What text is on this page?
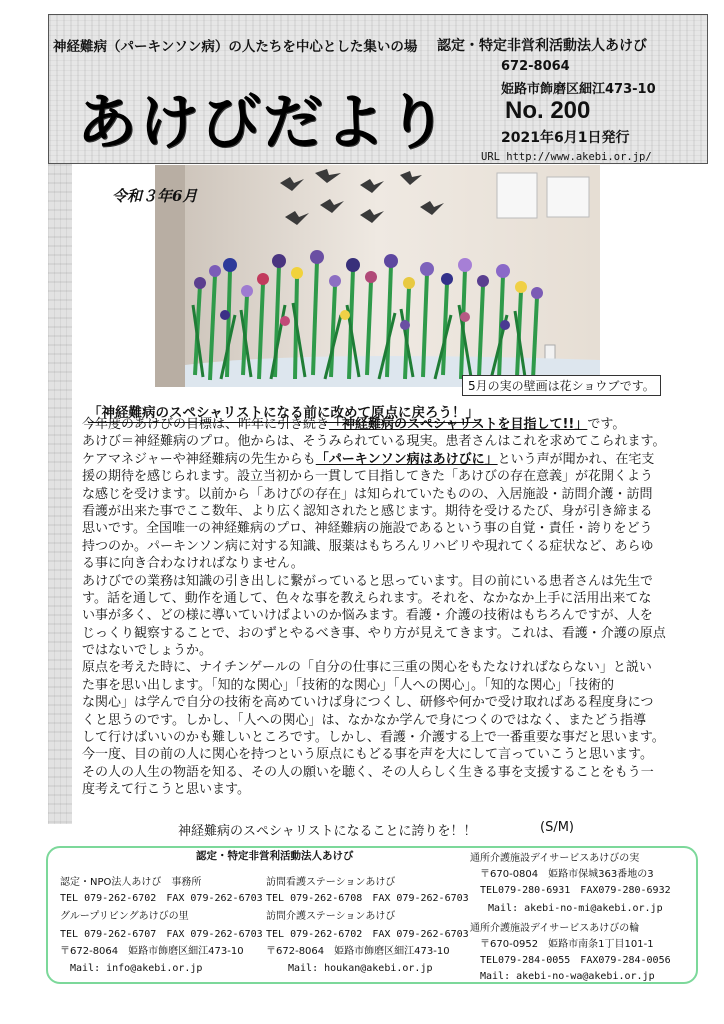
神経難病（パーキンソン病）の人たちを中心とした集いの場
あけびだより
認定・特定非営利活動法人あけび
672-8064
姫路市飾磨区細江473-10
No. 200
2021年6月1日発行
URL http://www.akebi.or.jp/
令和３年6月
5月の実の壁画は花ショウブです。
「神経難病のスペシャリストになる前に改めて原点に戻ろう！」
今年度のあけびの目標は、昨年に引き続き「神経難病のスペシャリストを目指して!!」です。
あけび＝神経難病のプロ。他からは、そうみられている現実。患者さんはこれを求めてこられます。
ケアマネジャーや神経難病の先生からも「パーキンソン病はあけびに」という声が聞かれ、在宅支
援の期待を感じられます。設立当初から一貫して目指してきた「あけびの存在意義」が花開くよう
な感じを受けます。以前から「あけびの存在」は知られていたものの、入居施設・訪問介護・訪問
看護が出来た事でここ数年、より広く認知されたと感じます。期待を受けるたび、身が引き締まる
思いです。全国唯一の神経難病のプロ、神経難病の施設であるという事の自覚・責任・誇りをどう
持つのか。パーキンソン病に対する知識、服薬はもちろんリハビリや現れてくる症状など、あらゆ
る事に向き合わなければなりません。
あけびでの業務は知識の引き出しに繋がっていると思っています。目の前にいる患者さんは先生で
す。話を通して、動作を通して、色々な事を教えられます。それを、なかなか上手に活用出来てな
い事が多く、どの様に導いていけばよいのか悩みます。看護・介護の技術はもちろんですが、人を
じっくり観察することで、おのずとやるべき事、やり方が見えてきます。これは、看護・介護の原点
ではないでしょうか。
原点を考えた時に、ナイチンゲールの「自分の仕事に三重の関心をもたなければならない」と説い
た事を思い出します。「知的な関心」「技術的な関心」「人への関心」。「知的な関心」「技術的
な関心」は学んで自分の技術を高めていけば身につくし、研修や何かで受け取ればある程度身につ
くと思うのです。しかし、「人への関心」は、なかなか学んで身につくのではなく、またどう指導
して行けばいいのかも難しいところです。しかし、看護・介護する上で一番重要な事だと思います。
今一度、目の前の人に関心を持つという原点にもどる事を声を大にして言っていこうと思います。
その人の人生の物語を知る、その人の願いを聴く、その人らしく生きる事を支援することをもう一
度考えて行こうと思います。
神経難病のスペシャリストになることに誇りを！！	(S/M)
認定・特定非営利活動法人あけび
認定・NPO法人あけび　事務所
TEL 079-262-6702　FAX 079-262-6703
グループリビングあけびの里
TEL 079-262-6707　FAX 079-262-6703
〒672-8064　姫路市飾磨区細江473-10
Mail: info@akebi.or.jp
訪問看護ステーションあけび
TEL 079-262-6708　FAX 079-262-6703
訪問介護ステーションあけび
TEL 079-262-6702　FAX 079-262-6703
〒672-8064　姫路市飾磨区細江473-10
Mail: houkan@akebi.or.jp
通所介護施設デイサービスあけびの実
〒670-0804　姫路市保城363番地の3
TEL079-280-6931　FAX079-280-6932
Mail: akebi-no-mi@akebi.or.jp
通所介護施設デイサービスあけびの輪
〒670-0952　姫路市南条1丁目101-1
TEL079-284-0055　FAX079-284-0056
Mail: akebi-no-wa@akebi.or.jp
